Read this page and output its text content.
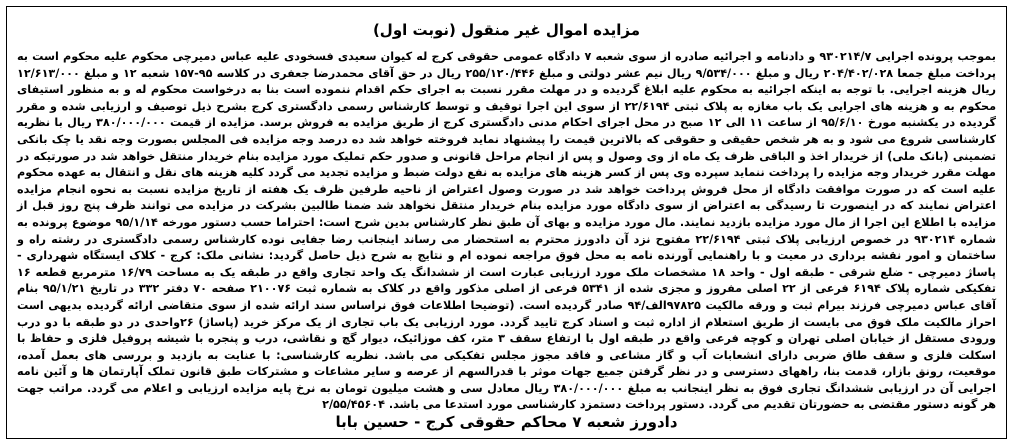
مزایده اموال غیر منقول (نوبت اول)

بموجب پرونده اجرایی ۹۳۰۲۱۴/۷ و دادنامه و اجرائیه صادره از سوی شعبه ۷ دادگاه عمومی حقوقی کرج له کیوان سعیدی فسخودی علیه عباس دمیرچی محکوم علیه محکوم است به پرداخت مبلغ جمعا ۲۰۴/۴۰۲/۰۲۸ ریال و مبلغ ۹/۵۳۴/۰۰۰ ریال نیم عشر دولتی و مبلغ ۲۵۵/۱۲۰/۴۴۶ ریال در حق آقای محمدرضا جعفری در کلاسه ۹۵-۱۵۷ شعبه ۱۲ و مبلغ ۱۲/۶۱۳/۰۰۰ ریال هزینه اجرایی. با توجه به اینکه اجرائیه به محکوم علیه ابلاغ گردیده و در مهلت مقرر نسبت به اجرای حکم اقدام ننموده است بنا به درخواست محکوم له و به منظور استیفای محکوم به و هزینه های اجرایی یک باب مغازه به پلاک ثبتی ۲۲/۶۱۹۴ از سوی این اجرا توقیف و توسط کارشناس رسمی دادگستری کرج بشرح ذیل توصیف و ارزیابی شده و مقرر گردیده در یکشنبه مورخ ۹۵/۶/۱۰ از ساعت ۱۱ الی ۱۲ صبح در محل اجرای احکام مدنی دادگستری کرج از طریق مزایده به فروش برسد. مزایده از قیمت ۳۸۰/۰۰۰/۰۰۰ ریال با نظریه کارشناسی شروع می شود و به هر شخص حقیقی و حقوقی که بالاترین قیمت را پیشنهاد نماید فروخته خواهد شد ده درصد وجه مزایده فی المجلس بصورت وجه نقد یا چک بانکی تضمینی (بانک ملی) از خریدار اخذ و الباقی ظرف یک ماه از وی وصول و پس از انجام مراحل قانونی و صدور حکم تملیک مورد مزایده بنام خریدار منتقل خواهد شد در صورتیکه در مهلت مقرر خریدار وجه مزایده را پرداخت ننماید سپرده وی پس از کسر هزینه های مزایده به نفع دولت ضبط و مزایده تجدید می گردد کلیه هزینه های نقل و انتقال به عهده محکوم علیه است که در صورت موافقت دادگاه از محل فروش پرداخت خواهد شد در صورت وصول اعتراض از ناحیه طرفین ظرف یک هفته از تاریخ مزایده نسبت به نحوه انجام مزایده اعتراض نمایند که در اینصورت تا رسیدگی به اعتراض از سوی دادگاه مورد مزایده بنام خریدار منتقل نخواهد شد ضمنا طالبین بشرکت در مزایده می توانند ظرف پنج روز قبل از مزایده با اطلاع این اجرا از مال مورد مزایده بازدید نمایند. مال مورد مزایده و بهای آن طبق نظر کارشناس بدین شرح است: احتراما حسب دستور مورخه ۹۵/۱/۱۴ موضوع پرونده به شماره ۹۳۰۲۱۴ در خصوص ارزیابی پلاک ثبتی ۲۲/۶۱۹۴ مفتوح نزد آن دادورز محترم به استحضار می رساند اینجانب رضا جفایی نوده کارشناس رسمی دادگستری در رشته راه و ساختمان و امور نقشه برداری در معیت و با راهنمایی آورنده نامه به محل فوق مراجعه نموده ام و نتایج به شرح ذیل حاصل گردید: نشانی ملک: کرج - کلاک ایستگاه شهرداری - پاساژ دمیرچی - ضلع شرقی - طبقه اول - واحد ۱۸ مشخصات ملک مورد ارزیابی عبارت است از ششدانگ یک واحد تجاری واقع در طبقه یک به مساحت ۱۶/۷۹ مترمربع قطعه ۱۶ تفکیکی شماره پلاک ۶۱۹۴ فرعی از ۲۲ اصلی مفروز و مجزی شده از ۵۳۴۱ فرعی از اصلی مذکور واقع در کلاک به شماره ثبت ۲۱۰۰۷۶ صفحه ۷۰ دفتر ۳۳۲ در تاریخ ۹۵/۱/۲۱ بنام آقای عباس دمیرچی فرزند بیرام ثبت و ورقه مالکیت ۹۷۸۲۵الف/۹۴ صادر گردیده است. (توضیحا اطلاعات فوق نراساس سند ارائه شده از سوی متقاضی ارائه گردیده بدیهی است احراز مالکیت ملک فوق می بایست از طریق استعلام از اداره ثبت و اسناد کرج تایید گردد. مورد ارزیابی یک باب تجاری از یک مرکز خرید (پاساژ) ۲۶واحدی در دو طبقه با دو درب ورودی مستقل از خیابان اصلی تهران و کوچه فرعی واقع در طبقه اول با ارتفاع سقف ۳ متر، کف موزائیک، دیوار گچ و نقاشی، درب و پنجره با شیشه پروفیل فلزی و حفاظ با اسکلت فلزی و سقف طاق ضربی دارای انشعابات آب و گاز مشاعی و فاقد مجوز مجلس تفکیکی می باشد. نظریه کارشناسی: با عنایت به بازدید و بررسی های بعمل آمده، موقعیت، رونق بازار، قدمت بنا، راههای دسترسی و در نظر گرفتن جمیع جهات موثر با قدرالسهم از عرصه و سایر مشاعات و مشترکات طبق قانون تملک آپارتمان ها و آئین نامه اجرایی آن در ارزیابی ششدانگ تجاری فوق به نظر اینجانب به مبلغ ۳۸۰/۰۰۰/۰۰۰ ریال معادل سی و هشت میلیون تومان به نرخ پایه مزایده ارزیابی و اعلام می گردد. مراتب جهت هر گونه دستور مقتضی به حضورتان تقدیم می گردد. دستور پرداخت دستمزد کارشناسی مورد استدعا می باشد. ۲/۵۵/۴۵۶۰۴

دادورز شعبه ۷ محاکم حقوقی کرج - حسین بابا
